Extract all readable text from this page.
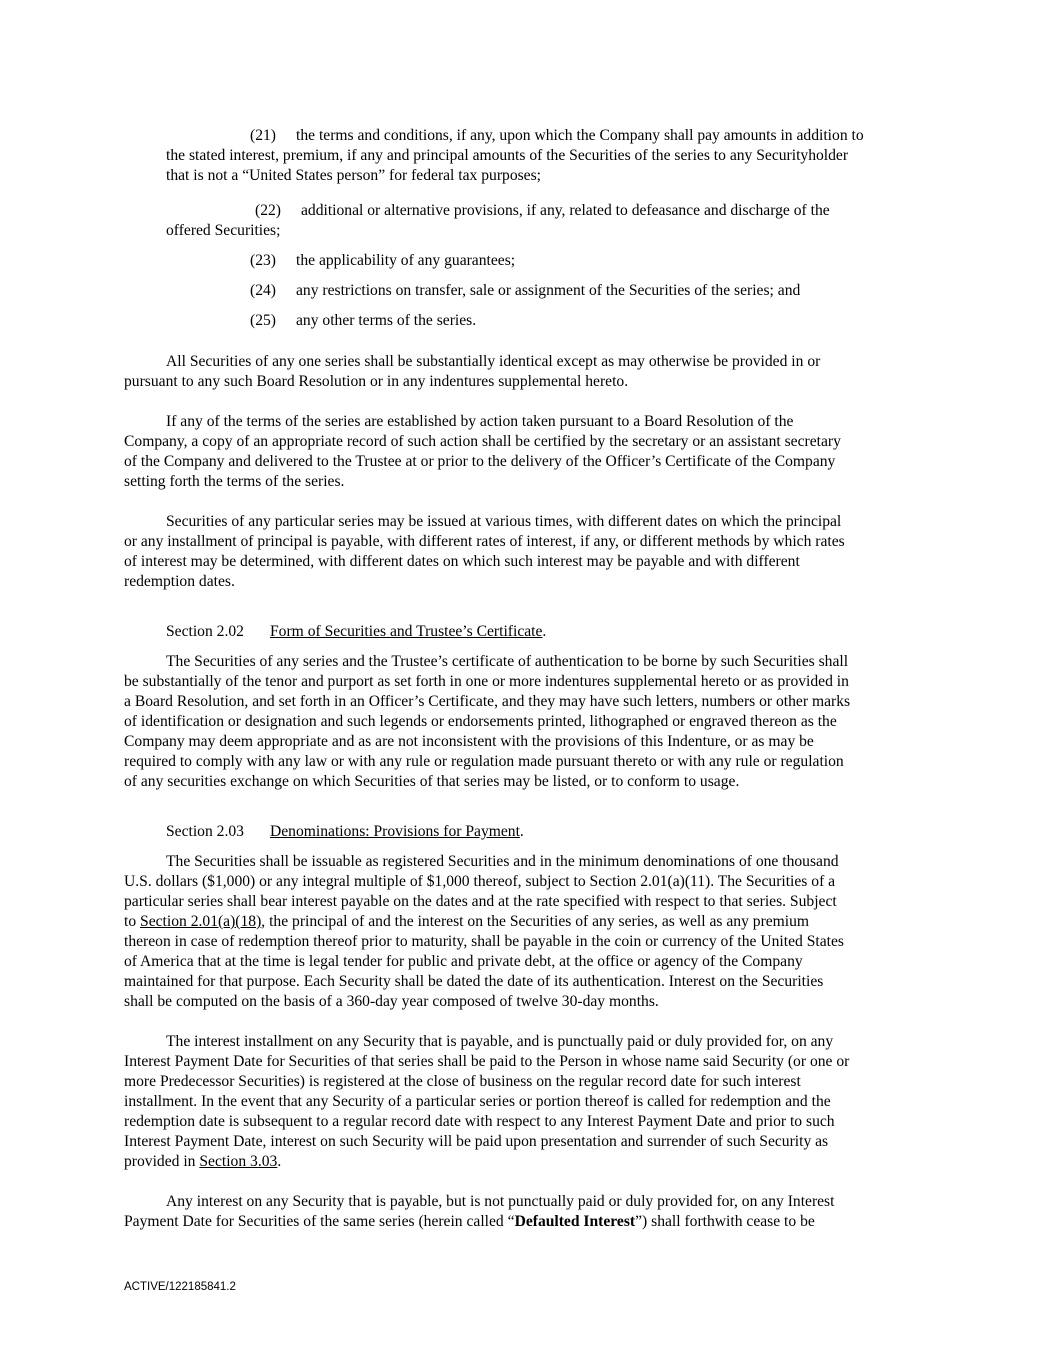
(21) the terms and conditions, if any, upon which the Company shall pay amounts in addition to
the stated interest, premium, if any and principal amounts of the Securities of the series to any Securityholder
that is not a “United States person” for federal tax purposes;
(22) additional or alternative provisions, if any, related to defeasance and discharge of the
offered Securities;
(23) the applicability of any guarantees;
(24) any restrictions on transfer, sale or assignment of the Securities of the series; and
(25) any other terms of the series.
All Securities of any one series shall be substantially identical except as may otherwise be provided in or
pursuant to any such Board Resolution or in any indentures supplemental hereto.
If any of the terms of the series are established by action taken pursuant to a Board Resolution of the
Company, a copy of an appropriate record of such action shall be certified by the secretary or an assistant secretary
of the Company and delivered to the Trustee at or prior to the delivery of the Officer’s Certificate of the Company
setting forth the terms of the series.
Securities of any particular series may be issued at various times, with different dates on which the principal
or any installment of principal is payable, with different rates of interest, if any, or different methods by which rates
of interest may be determined, with different dates on which such interest may be payable and with different
redemption dates.
Section 2.02 Form of Securities and Trustee’s Certificate.
The Securities of any series and the Trustee’s certificate of authentication to be borne by such Securities shall
be substantially of the tenor and purport as set forth in one or more indentures supplemental hereto or as provided in
a Board Resolution, and set forth in an Officer’s Certificate, and they may have such letters, numbers or other marks
of identification or designation and such legends or endorsements printed, lithographed or engraved thereon as the
Company may deem appropriate and as are not inconsistent with the provisions of this Indenture, or as may be
required to comply with any law or with any rule or regulation made pursuant thereto or with any rule or regulation
of any securities exchange on which Securities of that series may be listed, or to conform to usage.
Section 2.03 Denominations: Provisions for Payment.
The Securities shall be issuable as registered Securities and in the minimum denominations of one thousand
U.S. dollars ($1,000) or any integral multiple of $1,000 thereof, subject to Section 2.01(a)(11). The Securities of a
particular series shall bear interest payable on the dates and at the rate specified with respect to that series. Subject
to Section 2.01(a)(18), the principal of and the interest on the Securities of any series, as well as any premium
thereon in case of redemption thereof prior to maturity, shall be payable in the coin or currency of the United States
of America that at the time is legal tender for public and private debt, at the office or agency of the Company
maintained for that purpose. Each Security shall be dated the date of its authentication. Interest on the Securities
shall be computed on the basis of a 360-day year composed of twelve 30-day months.
The interest installment on any Security that is payable, and is punctually paid or duly provided for, on any
Interest Payment Date for Securities of that series shall be paid to the Person in whose name said Security (or one or
more Predecessor Securities) is registered at the close of business on the regular record date for such interest
installment. In the event that any Security of a particular series or portion thereof is called for redemption and the
redemption date is subsequent to a regular record date with respect to any Interest Payment Date and prior to such
Interest Payment Date, interest on such Security will be paid upon presentation and surrender of such Security as
provided in Section 3.03.
Any interest on any Security that is payable, but is not punctually paid or duly provided for, on any Interest
Payment Date for Securities of the same series (herein called “Defaulted Interest”) shall forthwith cease to be
ACTIVE/122185841.2
